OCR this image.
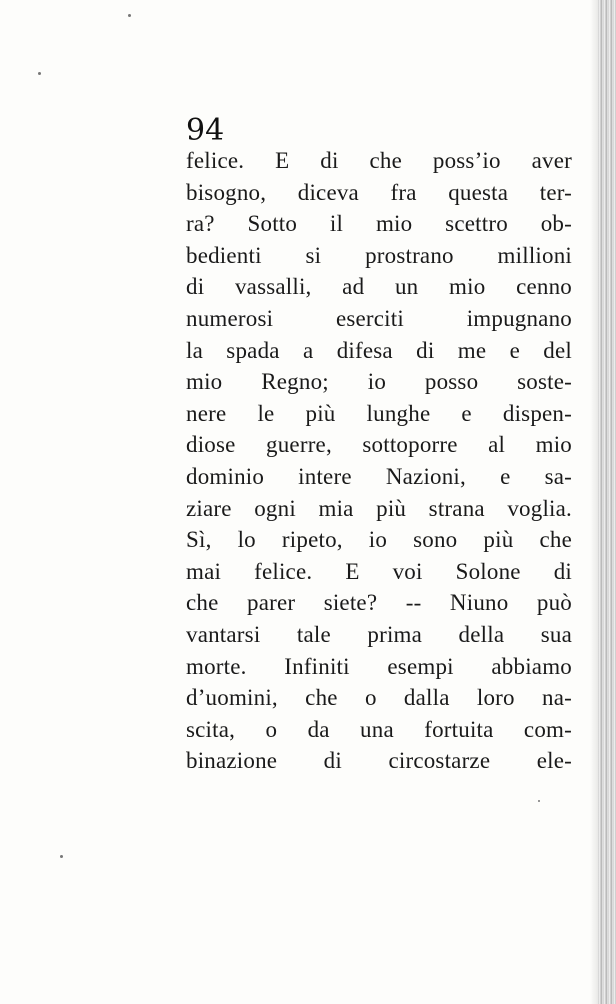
94
felice. E di che poss’io aver
bisogno, diceva fra questa ter-
ra? Sotto il mio scettro ob-
bedienti si prostrano millioni
di vassalli, ad un mio cenno
numerosi eserciti impugnano
la spada a difesa di me e del
mio Regno; io posso soste-
nere le più lunghe e dispen-
diose guerre, sottoporre al mio
dominio intere Nazioni, e sa-
ziare ogni mia più strana voglia.
Sì, lo ripeto, io sono più che
mai felice. E voi Solone di
che parer siete? -- Niuno può
vantarsi tale prima della sua
morte. Infiniti esempi abbiamo
d’uomini, che o dalla loro na-
scita, o da una fortuita com-
binazione di circostarze ele-
